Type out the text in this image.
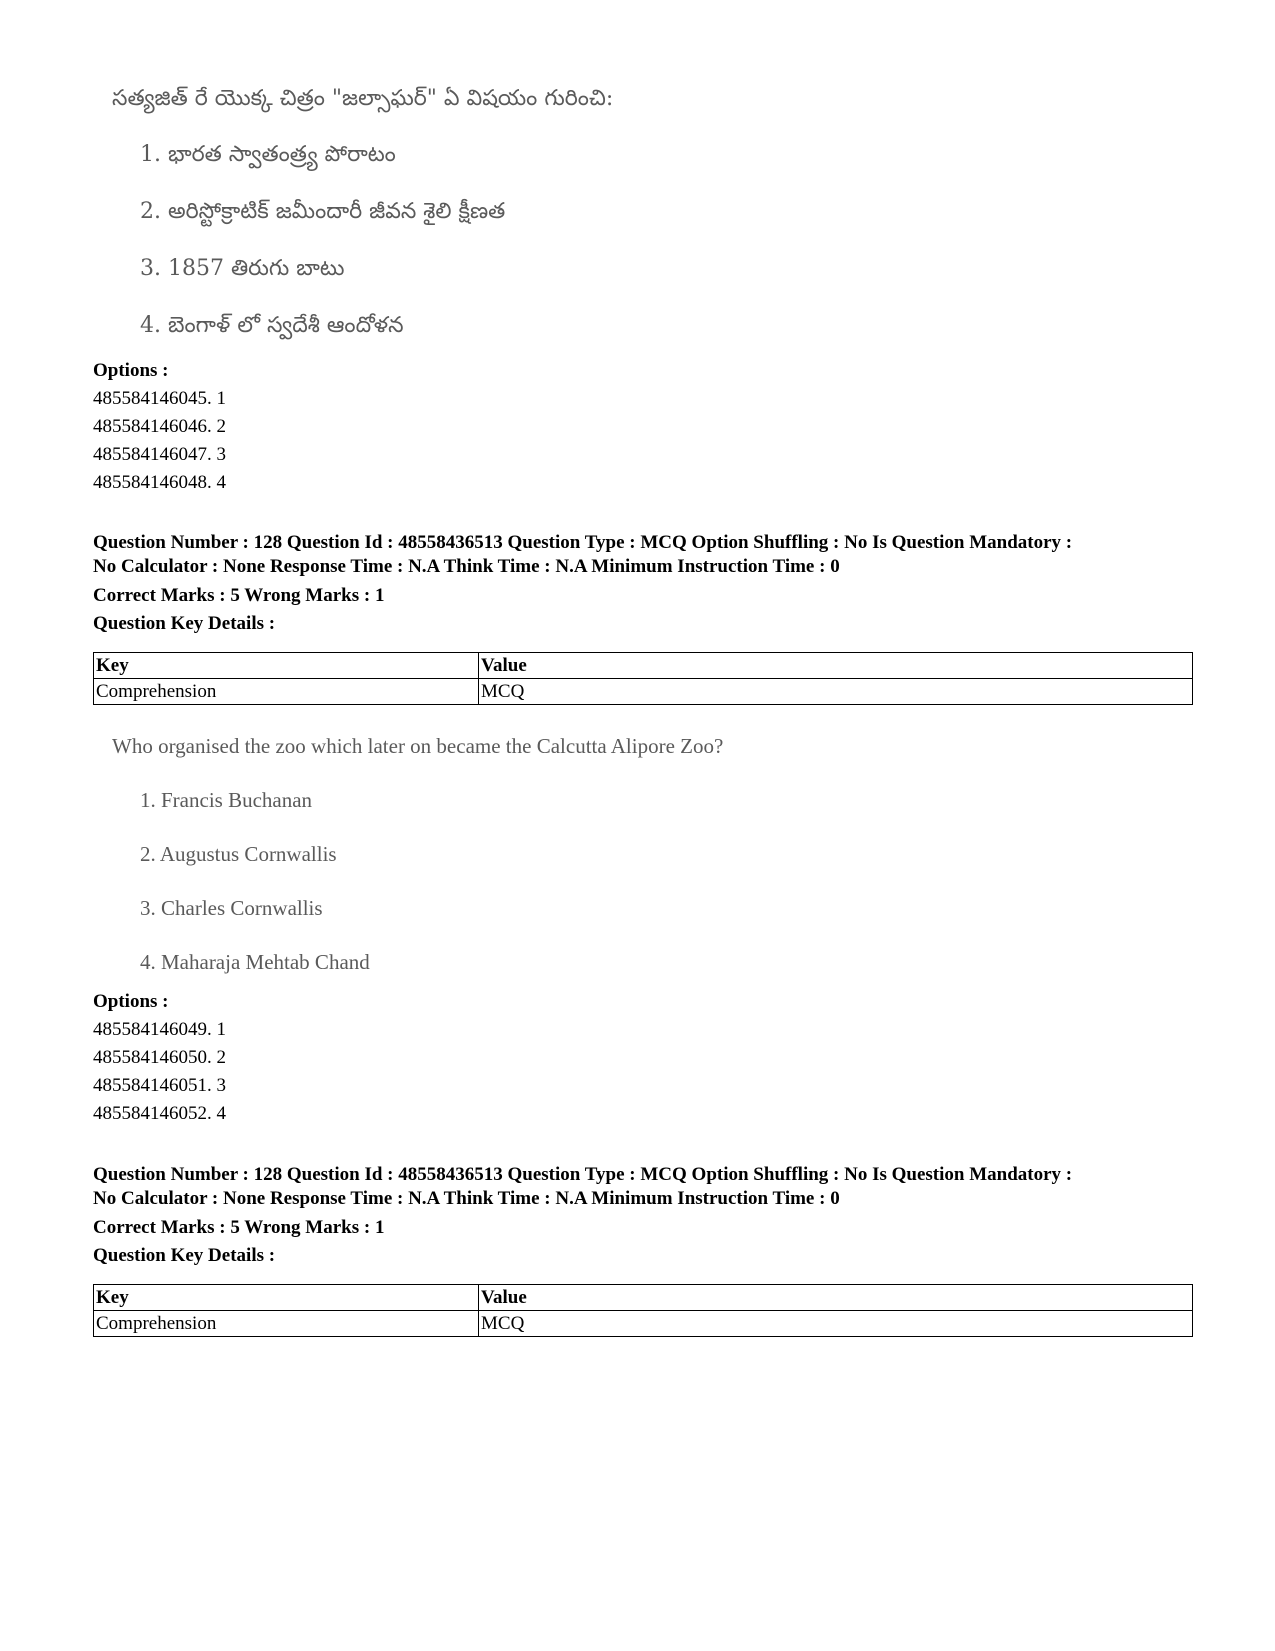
సత్యజిత్ రే యొక్క చిత్రం "జల్సాఘర్" ఏ విషయం గురించి:
1. భారత స్వాతంత్ర్య పోరాటం
2. అరిస్టోక్రాటిక్ జమీందారీ జీవన శైలి క్షీణత
3. 1857 తిరుగు బాటు
4. బెంగాళ్ లో స్వదేశీ ఆందోళన
Options :
485584146045. 1
485584146046. 2
485584146047. 3
485584146048. 4
Question Number : 128 Question Id : 48558436513 Question Type : MCQ Option Shuffling : No Is Question Mandatory :
No Calculator : None Response Time : N.A Think Time : N.A Minimum Instruction Time : 0
Correct Marks : 5 Wrong Marks : 1
Question Key Details :
Key	Value
Comprehension	MCQ
Who organised the zoo which later on became the Calcutta Alipore Zoo?
1. Francis Buchanan
2. Augustus Cornwallis
3. Charles Cornwallis
4. Maharaja Mehtab Chand
Options :
485584146049. 1
485584146050. 2
485584146051. 3
485584146052. 4
Question Number : 128 Question Id : 48558436513 Question Type : MCQ Option Shuffling : No Is Question Mandatory :
No Calculator : None Response Time : N.A Think Time : N.A Minimum Instruction Time : 0
Correct Marks : 5 Wrong Marks : 1
Question Key Details :
Key	Value
Comprehension	MCQ
